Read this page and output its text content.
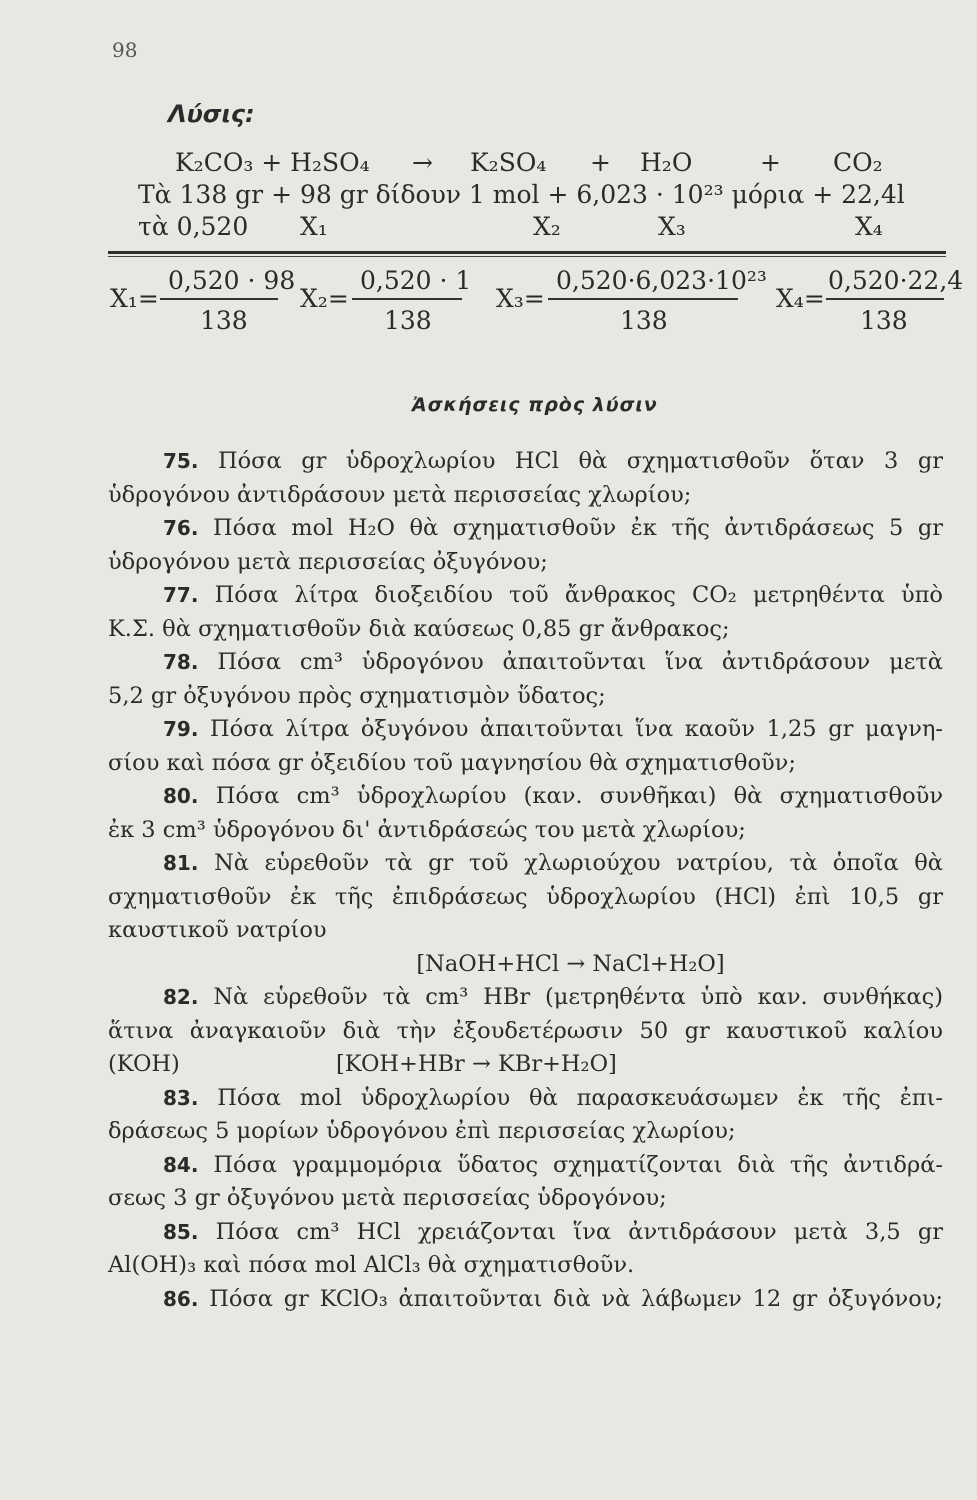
98
Λύσις:
K₂CO₃ + H₂SO₄ → K₂SO₄ + H₂O	+ CO₂
Τὰ 138 gr + 98 gr δίδουν 1 mol + 6,023 · 10²³ μόρια + 22,4l
τὰ 0,520 X₁	X₂	X₃	X₄
X₁=
0,520 · 98
138
X₂=
0,520 · 1
138
X₃=
0,520·6,023·10²³
138
X₄=
0,520·22,4
138
Ἀσκήσεις πρὸς λύσιν
75. Πόσα gr ὑδροχλωρίου HCl θὰ σχηματισθοῦν ὅταν 3 gr
ὑδρογόνου ἀντιδράσουν μετὰ περισσείας χλωρίου;
76. Πόσα mol H₂O θὰ σχηματισθοῦν ἐκ τῆς ἀντιδράσεως 5 gr
ὑδρογόνου μετὰ περισσείας ὀξυγόνου;
77. Πόσα λίτρα διοξειδίου τοῦ ἄνθρακος CO₂ μετρηθέντα ὑπὸ
Κ.Σ. θὰ σχηματισθοῦν διὰ καύσεως 0,85 gr ἄνθρακος;
78. Πόσα cm³ ὑδρογόνου ἀπαιτοῦνται ἵνα ἀντιδράσουν μετὰ
5,2 gr ὀξυγόνου πρὸς σχηματισμὸν ὕδατος;
79. Πόσα λίτρα ὀξυγόνου ἀπαιτοῦνται ἵνα καοῦν 1,25 gr μαγνη-
σίου καὶ πόσα gr ὀξειδίου τοῦ μαγνησίου θὰ σχηματισθοῦν;
80. Πόσα cm³ ὑδροχλωρίου (καν. συνθῆκαι) θὰ σχηματισθοῦν
ἐκ 3 cm³ ὑδρογόνου δι' ἀντιδράσεώς του μετὰ χλωρίου;
81. Νὰ εὑρεθοῦν τὰ gr τοῦ χλωριούχου νατρίου, τὰ ὁποῖα θὰ
σχηματισθοῦν ἐκ τῆς ἐπιδράσεως ὑδροχλωρίου (HCl) ἐπὶ 10,5 gr
καυστικοῦ νατρίου
[NaOH+HCl → NaCl+H₂O]
82. Νὰ εὑρεθοῦν τὰ cm³ HBr (μετρηθέντα ὑπὸ καν. συνθήκας)
ἅτινα ἀναγκαιοῦν διὰ τὴν ἐξουδετέρωσιν 50 gr καυστικοῦ καλίου
(KOH)	[KOH+HBr → KBr+H₂O]
83. Πόσα mol ὑδροχλωρίου θὰ παρασκευάσωμεν ἐκ τῆς ἐπι-
δράσεως 5 μορίων ὑδρογόνου ἐπὶ περισσείας χλωρίου;
84. Πόσα γραμμομόρια ὕδατος σχηματίζονται διὰ τῆς ἀντιδρά-
σεως 3 gr ὀξυγόνου μετὰ περισσείας ὑδρογόνου;
85. Πόσα cm³ HCl χρειάζονται ἵνα ἀντιδράσουν μετὰ 3,5 gr
Al(OH)₃ καὶ πόσα mol AlCl₃ θὰ σχηματισθοῦν.
86. Πόσα gr KClO₃ ἀπαιτοῦνται διὰ νὰ λάβωμεν 12 gr ὀξυγόνου;
